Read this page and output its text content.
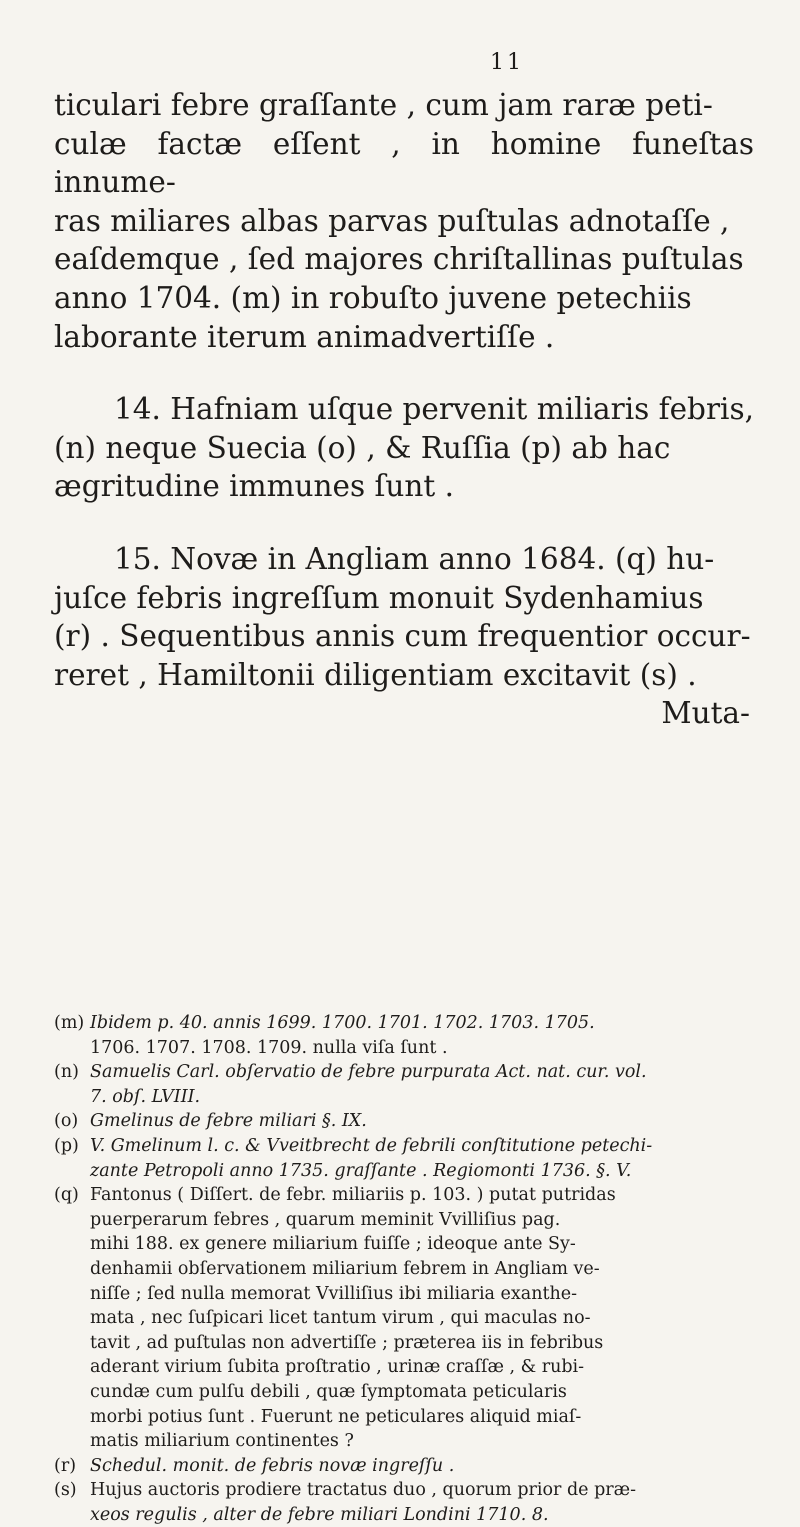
11

ticulari febre graſſante , cum jam raræ peti-
culæ factæ eſſent , in homine funeſtas innume-
ras miliares albas parvas puſtulas adnotaſſe ,
eaſdemque , ſed majores chriſtallinas puſtulas
anno 1704. (m) in robuſto juvene petechiis
laborante iterum animadvertiſſe .

14. Hafniam uſque pervenit miliaris febris,
(n) neque Suecia (o) , & Ruſſia (p) ab hac
ægritudine immunes ſunt .

15. Novæ in Angliam anno 1684. (q) hu-
juſce febris ingreſſum monuit Sydenhamius
(r) . Sequentibus annis cum frequentior occur-
reret , Hamiltonii diligentiam excitavit (s) .

Muta-

(m) Ibidem p. 40. annis 1699. 1700. 1701. 1702. 1703. 1705.
1706. 1707. 1708. 1709. nulla viſa ſunt .

(n) Samuelis Carl. obſervatio de febre purpurata Act. nat. cur. vol.
7. obſ. LVIII.

(o) Gmelinus de febre miliari §. IX.

(p) V. Gmelinum l. c. & Vveitbrecht de febrili conſtitutione petechi-
zante Petropoli anno 1735. graſſante . Regiomonti 1736. §. V.

(q) Fantonus ( Diſſert. de febr. miliariis p. 103. ) putat putridas
puerperarum febres , quarum meminit Vvilliſius pag.
mihi 188. ex genere miliarium fuiſſe ; ideoque ante Sy-
denhamii obſervationem miliarium febrem in Angliam ve-
niſſe ; ſed nulla memorat Vvilliſius ibi miliaria exanthe-
mata , nec ſuſpicari licet tantum virum , qui maculas no-
tavit , ad puſtulas non advertiſſe ; præterea iis in febribus
aderant virium ſubita proſtratio , urinæ craſſæ , & rubi-
cundæ cum pulſu debili , quæ ſymptomata peticularis
morbi potius ſunt . Fuerunt ne peticulares aliquid miaſ-
matis miliarium continentes ?

(r) Schedul. monit. de febris novæ ingreſſu .

(s) Hujus auctoris prodiere tractatus duo , quorum prior de præ-
xeos regulis , alter de febre miliari Londini 1710. 8.
